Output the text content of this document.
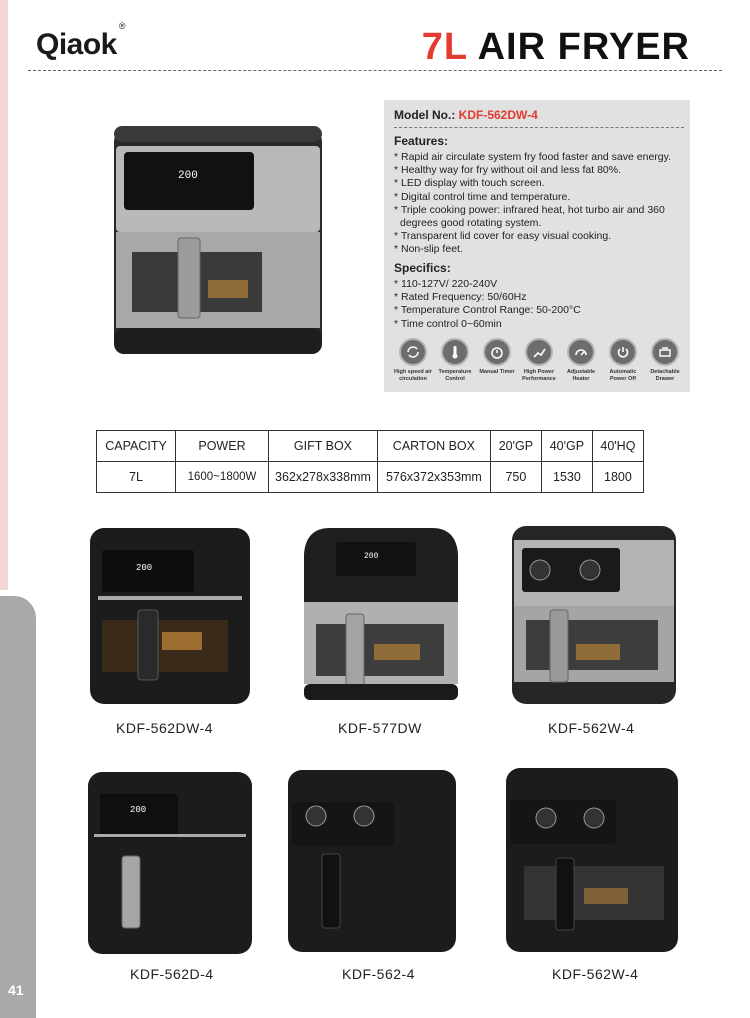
41
Qiaok®	7L AIR FRYER
200
Model No.: KDF-562DW-4
Features:
* Rapid air circulate system fry food faster and save energy.
* Healthy way for fry without oil and less fat 80%.
* LED display with touch screen.
* Digital control time and temperature.
* Triple cooking power: infrared heat, hot turbo air and 360
degrees good rotating system.
* Transparent lid cover for easy visual cooking.
* Non-slip feet.
Specifics:
* 110-127V/ 220-240V
* Rated Frequency: 50/60Hz
* Temperature Control Range: 50-200°C
* Time control 0~60min
High speed air circulation
Temperature Control
Manual Timer	High Power Performance
Adjustable Heater
Automatic Power Off
Detachable Drawer
CAPACITY	POWER	GIFT BOX	CARTON BOX	20'GP	40'GP	40'HQ
7L	1600~1800W	362x278x338mm	576x372x353mm	750	1530	1800
200
KDF-562DW-4
200
KDF-577DW	KDF-562W-4
200
KDF-562D-4	KDF-562-4	KDF-562W-4
